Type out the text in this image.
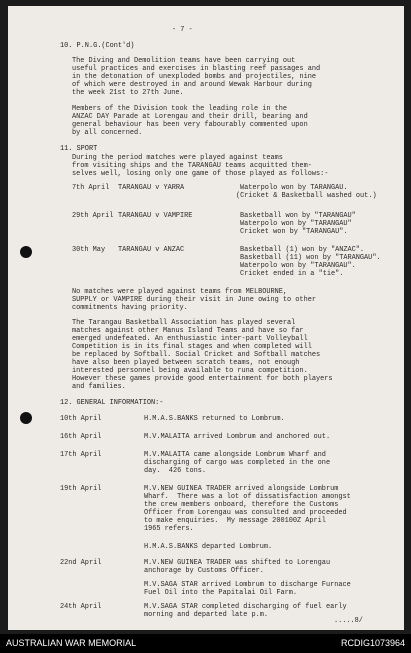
- 7 -
10. P.N.G.(Cont'd)
The Diving and Demolition teams have been carrying out
useful practices and exercises in blasting reef passages and
in the detonation of unexploded bombs and projectiles, nine
of which were destroyed in and around Wewak Harbour during
the week 21st to 27th June.
Members of the Division took the leading role in the
ANZAC DAY Parade at Lorengau and their drill, bearing and
general behaviour has been very fabourably commented upon
by all concerned.
11. SPORT
During the period matches were played against teams
from visiting ships and the TARANGAU teams acquitted them-
selves well, losing only one game of those played as follows:-
7th April TARANGAU v YARRA	Waterpolo won by TARANGAU.
(Cricket & Basketball washed out.)
29th April TARANGAU v VAMPIRE	Basketball won by "TARANGAU"
Waterpolo won by "TARANGAU"
Cricket won by "TARANGAU".
30th May TARANGAU v ANZAC	Basketball (1) won by "ANZAC".
Basketball (11) won by "TARANGAU".
Waterpolo won by "TARANGAU".
Cricket ended in a "tie".
No matches were played against teams from MELBOURNE,
SUPPLY or VAMPIRE during their visit in June owing to other
commitments having priority.
The Tarangau Basketball Association has played several
matches against other Manus Island Teams and have so far
emerged undefeated. An enthusiastic inter-part Volleyball
Competition is in its final stages and when completed will
be replaced by Softball. Social Cricket and Softball matches
have also been played between scratch teams, not enough
interested personnel being available to runa competition.
However these games provide good entertainment for both players
and families.
12. GENERAL INFORMATION:-
10th April	H.M.A.S.BANKS returned to Lombrum.
16th April	M.V.MALAITA arrived Lombrum and anchored out.
17th April	M.V.MALAITA came alongside Lombrum Wharf and
discharging of cargo was completed in the one
day.  426 tons.
19th April	M.V.NEW GUINEA TRADER arrived alongside Lombrum
Wharf.  There was a lot of dissatisfaction amongst
the crew members onboard, therefore the Customs
Officer from Lorengau was consulted and proceeded
to make enquiries.  My message 200100Z April
1965 refers.
H.M.A.S.BANKS departed Lombrum.
22nd April	M.V.NEW GUINEA TRADER was shifted to Lorengau
anchorage by Customs Officer.
M.V.SAGA STAR arrived Lombrum to discharge Furnace
Fuel Oil into the Papitalai Oil Farm.
24th April	M.V.SAGA STAR completed discharging of fuel early
morning and departed late p.m.
.....8/
AUSTRALIAN WAR MEMORIAL	RCDIG1073964
